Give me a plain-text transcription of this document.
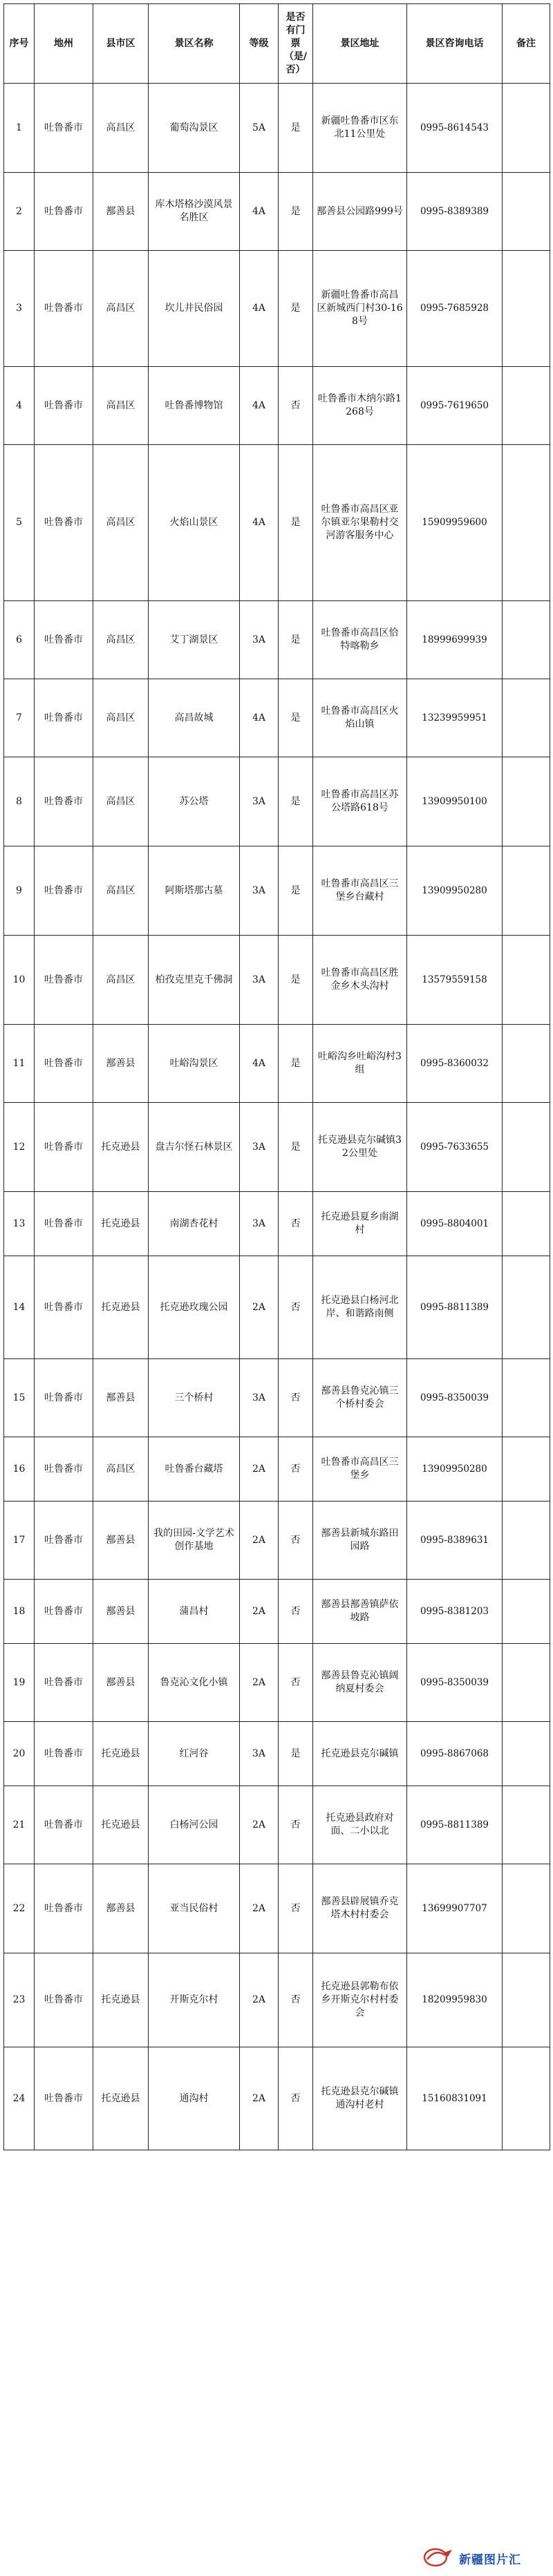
序号	地州	县市区	景区名称	等级	是否有门票（是/否）	景区地址	景区咨询电话	备注
1	吐鲁番市	高昌区	葡萄沟景区	5A	是	新疆吐鲁番市区东北11公里处	0995-8614543	
2	吐鲁番市	鄯善县	库木塔格沙漠风景名胜区	4A	是	鄯善县公园路999号	0995-8389389	
3	吐鲁番市	高昌区	坎儿井民俗园	4A	是	新疆吐鲁番市高昌区新城西门村30-168号	0995-7685928	
4	吐鲁番市	高昌区	吐鲁番博物馆	4A	否	吐鲁番市木纳尔路1268号	0995-7619650	
5	吐鲁番市	高昌区	火焰山景区	4A	是	吐鲁番市高昌区亚尔镇亚尔果勒村交河游客服务中心	15909959600	
6	吐鲁番市	高昌区	艾丁湖景区	3A	是	吐鲁番市高昌区恰特喀勒乡	18999699939	
7	吐鲁番市	高昌区	高昌故城	4A	是	吐鲁番市高昌区火焰山镇	13239959951	
8	吐鲁番市	高昌区	苏公塔	3A	是	吐鲁番市高昌区苏公塔路618号	13909950100	
9	吐鲁番市	高昌区	阿斯塔那古墓	3A	是	吐鲁番市高昌区三堡乡台藏村	13909950280	
10	吐鲁番市	高昌区	柏孜克里克千佛洞	3A	是	吐鲁番市高昌区胜金乡木头沟村	13579559158	
11	吐鲁番市	鄯善县	吐峪沟景区	4A	是	吐峪沟乡吐峪沟村3组	0995-8360032	
12	吐鲁番市	托克逊县	盘吉尔怪石林景区	3A	是	托克逊县克尔碱镇32公里处	0995-7633655	
13	吐鲁番市	托克逊县	南湖杏花村	3A	否	托克逊县夏乡南湖村	0995-8804001	
14	吐鲁番市	托克逊县	托克逊玫瑰公园	2A	否	托克逊县白杨河北岸、和谐路南侧	0995-8811389	
15	吐鲁番市	鄯善县	三个桥村	3A	否	鄯善县鲁克沁镇三个桥村委会	0995-8350039	
16	吐鲁番市	高昌区	吐鲁番台藏塔	2A	否	吐鲁番市高昌区三堡乡	13909950280	
17	吐鲁番市	鄯善县	我的田园-文学艺术创作基地	2A	否	鄯善县新城东路田园路	0995-8389631	
18	吐鲁番市	鄯善县	蒲昌村	2A	否	鄯善县鄯善镇萨依坡路	0995-8381203	
19	吐鲁番市	鄯善县	鲁克沁文化小镇	2A	否	鄯善县鲁克沁镇阔纳夏村委会	0995-8350039	
20	吐鲁番市	托克逊县	红河谷	3A	是	托克逊县克尔碱镇	0995-8867068	
21	吐鲁番市	托克逊县	白杨河公园	2A	否	托克逊县政府对面、二小以北	0995-8811389	
22	吐鲁番市	鄯善县	亚当民俗村	2A	否	鄯善县辟展镇乔克塔木村村委会	13699907707	
23	吐鲁番市	托克逊县	开斯克尔村	2A	否	托克逊县郭勒布依乡开斯克尔村村委会	18209959830	
24	吐鲁番市	托克逊县	通沟村	2A	否	托克逊县克尔碱镇通沟村老村	15160831091	
新疆图片汇
